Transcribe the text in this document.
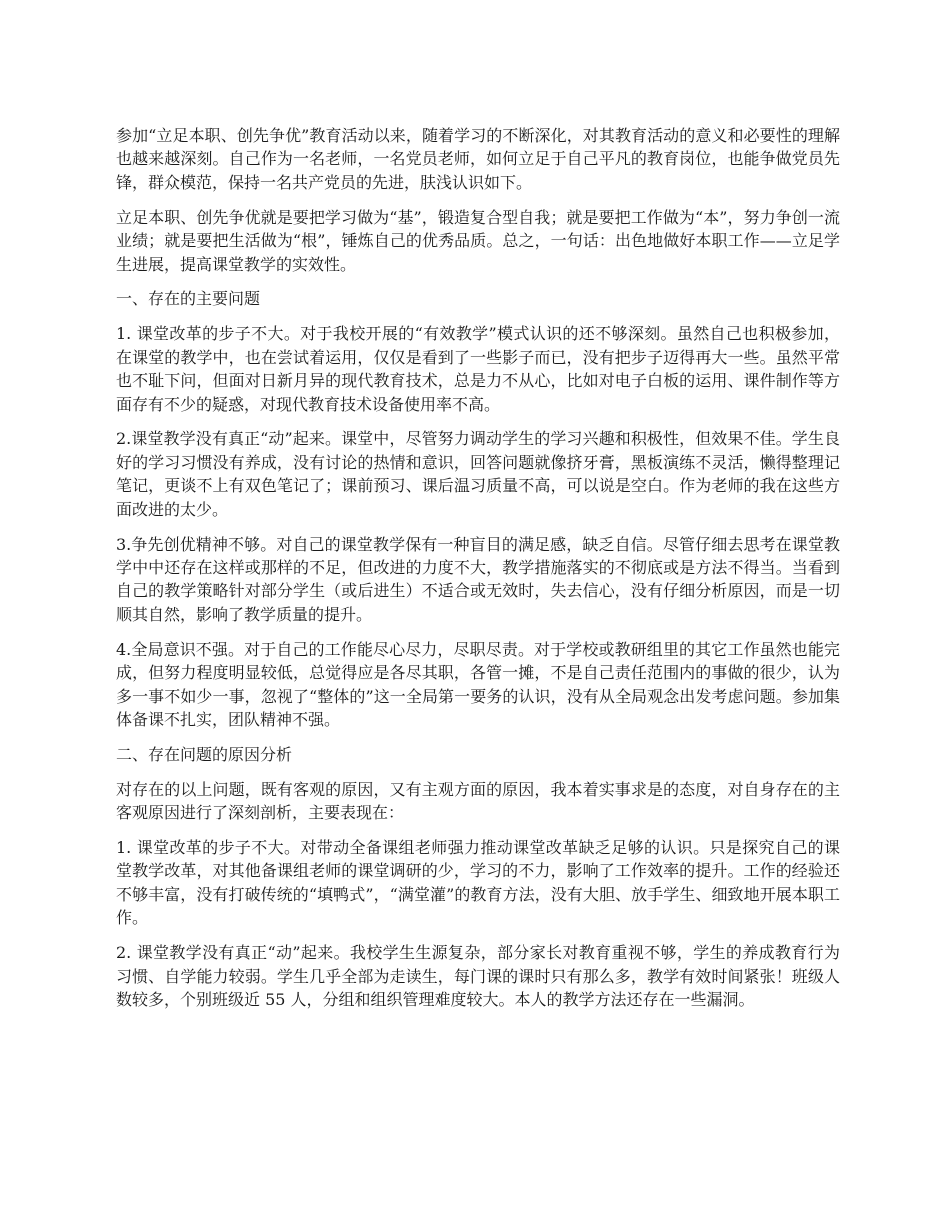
参加“立足本职、创先争优”教育活动以来，随着学习的不断深化，对其教育活动的意义和必要性的理解也越来越深刻。自己作为一名老师，一名党员老师，如何立足于自己平凡的教育岗位，也能争做党员先锋，群众模范，保持一名共产党员的先进，肤浅认识如下。

立足本职、创先争优就是要把学习做为“基”，锻造复合型自我；就是要把工作做为“本”，努力争创一流业绩；就是要把生活做为“根”，锤炼自己的优秀品质。总之，一句话：出色地做好本职工作——立足学生进展，提高课堂教学的实效性。

一、存在的主要问题

1. 课堂改革的步子不大。对于我校开展的“有效教学”模式认识的还不够深刻。虽然自己也积极参加，在课堂的教学中，也在尝试着运用，仅仅是看到了一些影子而已，没有把步子迈得再大一些。虽然平常也不耻下问，但面对日新月异的现代教育技术，总是力不从心，比如对电子白板的运用、课件制作等方面存有不少的疑惑，对现代教育技术设备使用率不高。

2.课堂教学没有真正“动”起来。课堂中，尽管努力调动学生的学习兴趣和积极性，但效果不佳。学生良好的学习习惯没有养成，没有讨论的热情和意识，回答问题就像挤牙膏，黑板演练不灵活，懒得整理记笔记，更谈不上有双色笔记了；课前预习、课后温习质量不高，可以说是空白。作为老师的我在这些方面改进的太少。

3.争先创优精神不够。对自己的课堂教学保有一种盲目的满足感，缺乏自信。尽管仔细去思考在课堂教学中中还存在这样或那样的不足，但改进的力度不大，教学措施落实的不彻底或是方法不得当。当看到自己的教学策略针对部分学生（或后进生）不适合或无效时，失去信心，没有仔细分析原因，而是一切顺其自然，影响了教学质量的提升。

4.全局意识不强。对于自己的工作能尽心尽力，尽职尽责。对于学校或教研组里的其它工作虽然也能完成，但努力程度明显较低，总觉得应是各尽其职，各管一摊，不是自己责任范围内的事做的很少，认为多一事不如少一事，忽视了“整体的”这一全局第一要务的认识，没有从全局观念出发考虑问题。参加集体备课不扎实，团队精神不强。

二、存在问题的原因分析

对存在的以上问题，既有客观的原因，又有主观方面的原因，我本着实事求是的态度，对自身存在的主客观原因进行了深刻剖析，主要表现在：

1. 课堂改革的步子不大。对带动全备课组老师强力推动课堂改革缺乏足够的认识。只是探究自己的课堂教学改革，对其他备课组老师的课堂调研的少，学习的不力，影响了工作效率的提升。工作的经验还不够丰富，没有打破传统的“填鸭式”，“满堂灌”的教育方法，没有大胆、放手学生、细致地开展本职工作。

2. 课堂教学没有真正“动”起来。我校学生生源复杂，部分家长对教育重视不够，学生的养成教育行为习惯、自学能力较弱。学生几乎全部为走读生，每门课的课时只有那么多，教学有效时间紧张！班级人数较多，个别班级近 55 人，分组和组织管理难度较大。本人的教学方法还存在一些漏洞。
